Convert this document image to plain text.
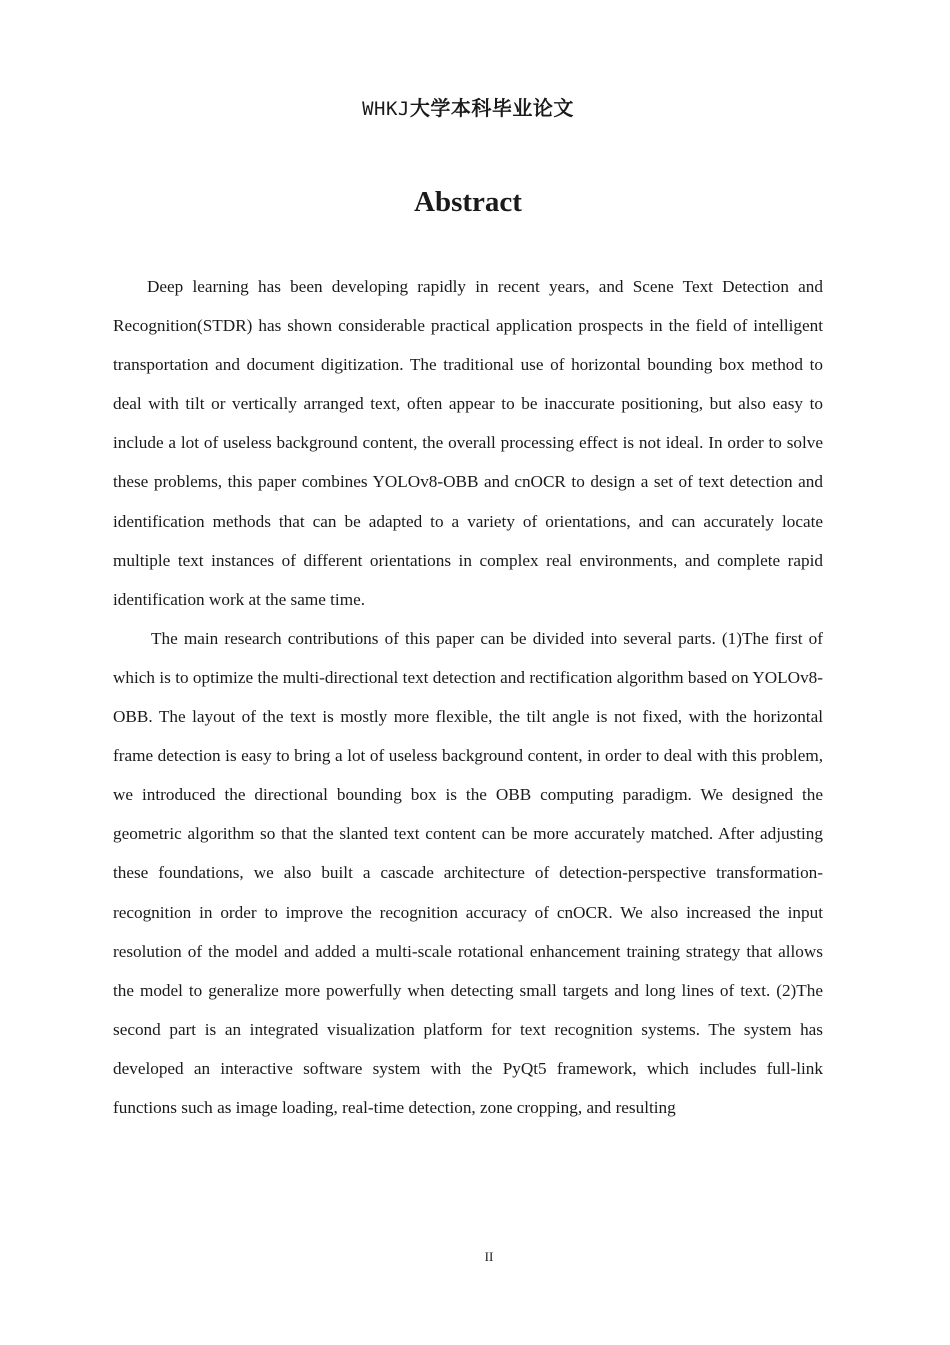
WHKJ大学本科毕业论文
Abstract

Deep learning has been developing rapidly in recent years, and Scene Text Detection and Recognition(STDR) has shown considerable practical application prospects in the field of intelligent transportation and document digitization. The traditional use of horizontal bounding box method to deal with tilt or vertically arranged text, often appear to be inaccurate positioning, but also easy to include a lot of useless background content, the overall processing effect is not ideal. In order to solve these problems, this paper combines YOLOv8-OBB and cnOCR to design a set of text detection and identification methods that can be adapted to a variety of orientations, and can accurately locate multiple text instances of different orientations in complex real environments, and complete rapid identification work at the same time.

The main research contributions of this paper can be divided into several parts. (1)The first of which is to optimize the multi-directional text detection and rectification algorithm based on YOLOv8-OBB. The layout of the text is mostly more flexible, the tilt angle is not fixed, with the horizontal frame detection is easy to bring a lot of useless background content, in order to deal with this problem, we introduced the directional bounding box is the OBB computing paradigm. We designed the geometric algorithm so that the slanted text content can be more accurately matched. After adjusting these foundations, we also built a cascade architecture of detection-perspective transformation-recognition in order to improve the recognition accuracy of cnOCR. We also increased the input resolution of the model and added a multi-scale rotational enhancement training strategy that allows the model to generalize more powerfully when detecting small targets and long lines of text. (2)The second part is an integrated visualization platform for text recognition systems. The system has developed an interactive software system with the PyQt5 framework, which includes full-link functions such as image loading, real-time detection, zone cropping, and resulting

II
